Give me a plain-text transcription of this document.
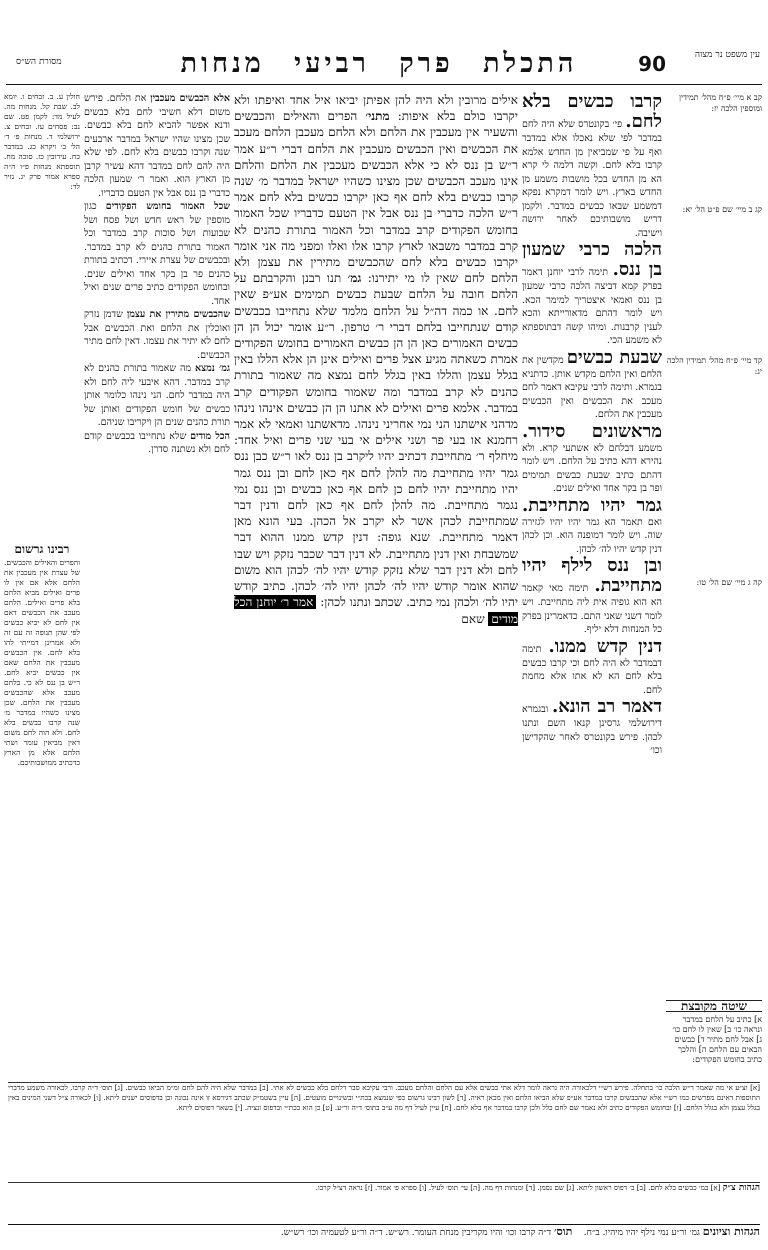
עין משפט נר מצוה
90
התכלת פרק רביעי מנחות
מסורת הש״ס
קב א מיי׳ פ״ח מהל׳ תמידין ומוספין הלכה יז:
קג ב מיי׳ שם פ״ט הל׳ יא:
קד מיי׳ פ״ח מהל׳ תמידין הלכה יג:
קה ג מיי׳ שם הל׳ טו:
קרבו כבשים בלא לחם. פי׳ בקונטרס שלא היה לחם במדבר לפי שלא נאכלו אלא במדבר ואף על פי שמביאין מן החדש אלמא קרבו בלא לחם. וקשה דלמה לי קרא הא מן החדש בכל מושבות משמע מן החדש בארץ. ויש לומר דמקרא נפקא דמשמע שבאו כבשים במדבר. ולקמן דריש מושבותיכם לאחר ירושה וישיבה.
הלכה כרבי שמעון בן ננס. תימה לרבי יוחנן דאמר בפרק קמא דביצה הלכה כרבי שמעון בן ננס ואמאי איצטריך למימר הכא. ויש לומר דהתם מדאורייתא והכא לענין קרבנות. ומיהו קשה דבתוספתא לא משמע הכי.
שבעת כבשים מקדשין את הלחם ואין הלחם מקדש אותן. כדתניא בגמרא. ותימה לרבי עקיבא דאמר לחם מעכב את הכבשים ואין הכבשים מעכבין את הלחם.
מראשונים סידור. משמע דבלחם לא אשתעי קרא. ולא נהירא דהא כתיב על הלחם. ויש לומר דהתם כתיב שבעת כבשים תמימים ופר בן בקר אחד ואילים שנים.
גמר יהיו מתחייבת. ואם תאמר הא גמר יהיו יהיו לגזירה שוה. ויש לומר דמופנה הוא. וכן לכהן דנין קדש יהיו לה׳ לכהן.
ובן ננס לילף יהיו מתחייבת. תימה מאי קאמר הא הוא גופיה אית ליה מתחייבת. ויש לומר דשני שאני התם. כדאמרינן בפרק כל המנחות דלא יליף.
דנין קדש ממנו. תימה דבמדבר לא היה לחם וכי קרבו כבשים בלא לחם הא לא אתו אלא מחמת לחם.
דאמר רב הונא. ובגמרא דירושלמי גרסינן קנאו השם ונתנו לכהן. פירש בקונטרס לאחר שהקדישן וכו׳
אילים מרובין ולא היה להן אפיתן יביאו איל אחד ואיפתו ולא יקרבו כולם בלא איפות: מתני׳ הפרים והאילים והכבשים והשעיר אין מעכבין את הלחם ולא הלחם מעכבן הלחם מעכב את הכבשים ואין הכבשים מעכבין את הלחם דברי ר״ע אמר ר״ש בן ננס לא כי אלא הכבשים מעכבין את הלחם והלחם אינו מעכב הכבשים שכן מצינו כשהיו ישראל במדבר מ׳ שנה קרבו כבשים בלא לחם אף כאן יקרבו כבשים בלא לחם אמר ר״ש הלכה כדברי בן ננס אבל אין הטעם כדבריו שכל האמור בחומש הפקודים קרב במדבר וכל האמור בתורת כהנים לא קרב במדבר משבאו לארץ קרבו אלו ואלו ומפני מה אני אומר יקרבו כבשים בלא לחם שהכבשים מתירין את עצמן ולא הלחם לחם שאין לו מי יתירנו: גמ׳ תנו רבנן והקרבתם על הלחם חובה על הלחם שבעת כבשים תמימים אע״פ שאין לחם. או כמה דה״ל על הלחם מלמד שלא נתחייבו בכבשים קודם שנתחייבו בלחם דברי ר׳ טרפון. ר״ע אומר יכול הן הן כבשים האמורים כאן הן הן כבשים האמורים בחומש הפקודים אמרת כשאתה מגיע אצל פרים ואילים אינן הן אלא הללו באין בגלל עצמן והללו באין בגלל לחם נמצא מה שאמור בתורת כהנים לא קרב במדבר ומה שאמור בחומש הפקודים קרב במדבר. אלמא פרים ואילים לא אתנו הן הן כבשים אינהו נינהו מדהני אישתנו הני נמי אחריני נינהו. מדאשתנו ואמאי לא אמר רחמנא או בעי פר ושני אילים אי בעי שני פרים ואיל אחד: מיחלף ר׳ מתחייבת דכתיב יהיו ליקרב בן ננס לאו ר״ש כבן ננס גמר יהיו מתחייבת מה להלן לחם אף כאן לחם ובן ננס גמר יהיו מתחייבת יהיו לחם כן לחם אף כאן כבשים ובן ננס נמי נגמר מתחייבת. מה להלן לחם אף כאן לחם ודנין דבר שמתחייבת לכהן אשר לא יקרב אל הכהן. בעי הונא מאן דאמר מתחייבת. שנא גופה: דנין קדש ממנו ההוא דבר שמשבחת ואין דנין מתחייבת. לא דנין דבר שכבר נזקק ויש שבו לחם ולא דנין דבר שלא נזקק קודש יהיו לה׳ לכהן הוא משום שהוא אומר קודש יהיו לה׳ לכהן יהיו לה׳ לכהן. כתיב קודש יהיו לה׳ ולכהן נמי כתיב. שכתב ונתנו לכהן: אמר ר׳ יוחנן הכל מודים שאם
אלא הכבשים מעכבין את הלחם. פירש משום דלא חשיבי לחם בלא כבשים ודנא אפשר להביא לחם בלא כבשים. שכן מצינו שהיו ישראל במדבר ארבעים שנה וקרבו כבשים בלא לחם. לפי שלא היה להם לחם במדבר דהא עשיר קרבן מן הארץ הוא. ואמר ר׳ שמעון הלכה כדברי בן ננס אבל אין הטעם כדבריו.
שכל האמור בחומש הפקודים כגון מוספין של ראש חדש ושל פסח ושל שבועות ושל סוכות קרב במדבר וכל האמור בתורת כהנים לא קרב במדבר. ובכבשים של עצרת איירי. דכתיב בתורת כהנים פר בן בקר אחד ואילים שנים. ובחומש הפקודים כתיב פרים שנים ואיל אחד.
שהכבשים מתירין את עצמן שדמן נזרק ואוכלין את הלחם ואת הכבשים אבל לחם לא יתיר את עצמו. דאין לחם מתיר הכבשים.
גמ׳ נמצא מה שאמור בתורת כהנים לא קרב במדבר. דהא איבעי ליה לחם ולא היה במדבר לחם. הני נינהו כלומר אותן כבשים של חומש הפקודים ואותן של תורת כהנים שנים הן ויקריבו שניהם.
הכל מודים שלא נתחייבו בכבשים קודם לחם ולא נשתנה סדרן.
חולין ע. ב. זבחים ו. יומא לב. שבת קל. מנחות מה. לעיל מד: לקמן פט. שם נב: פסחים עז. זבחים צ. ירושלמי ד. מנחות פ׳ ד׳ הל׳ ב׳ ויקרא כג. במדבר כח. עירובין כז. סוכה מח. תוספתא מנחות פ״ו ה״ה ספרא אמור פרק יג. נזיר לד:
רבינו גרשום
והפרים והאילים והכבשים. של עצרת אין מעכבין את הלחם אלא אם אין לו פרים ואילים מביא הלחם בלא פרים ואילים. הלחם מעכב את הכבשים דאם אין לחם לא יביא כבשים לפי שהן תנופה זה עם זה ולא אמרינן דמייתי להו בלא לחם. אין הכבשים מעכבין את הלחם שאם אין כבשים יביא לחם. ר״ש בן ננס לא כי. בלחם מעכב אלא שהכבשים מעכבין את הלחם. שכן מצינו כשהיו במדבר מ׳ שנה קרבו כבשים בלא לחם. ולא הוה לחם משום דאין מביאין עומר ושתי הלחם אלא מן הארץ כדכתיב ממושבותיכם.
שיטה מקובצת
א] כתיב על הלחם במדבר ונראה כו׳ ב] שאין לו לחם כו׳ ג] אבל לחם מתיר ד] כבשים הבאים עם הלחם ה] והלכך כתיב בחומש הפקודים:
[א] וצ״ע אי מה שאמר ר״ש הלכה כו׳ בתחלה. פירש רש״י דלכאורה היה נראה לומר דלא אתי כבשים אלא עם הלחם והלחם מעכב. ורבי עקיבא סבר דלחם בלא כבשים לא אתי. [ב] במדבר שלא היה להם לחם ומ״מ הביאו כבשים. [ג] תוס׳ ד״ה קרבו. לכאורה משמע מדברי התוספות דאינם מפרשים כמו רש״י אלא שהכבשים קרבו במדבר אע״פ שלא הביאו הלחם ואין מכאן ראיה. [ד] לשון רבינו גרשום כפי שנמצא בכת״י ובשינויים מועטים. [ה] עיין בשטמ״ק שכתב דגירסא זו אינה נכונה וכן בדפוסים ישנים ליתא. [ו] לכאורה צ״ל דשני המינים באין בגלל עצמן ולא בגלל הלחם. [ז] ובחומש הפקודים כתיב ולא נאמר שם לחם כלל ולכן קרבו במדבר אף בלא לחם. [ח] עיין לעיל דף מה ע״ב בתוס׳ ד״ה ור״ע. [ט] כן הוא בכת״י ובדפוס ונציה. [י] בשאר דפוסים ליתא.
הגהות צ״ק [א] במ׳ כבשים בלא לחם. [ב] ב׳ דפוס ראשון ליתא. [ג] שם נסמן. [ד] ומנחות דף מה. [ה] עי׳ תוס׳ לעיל. [ו] ספרא פ׳ אמור. [ז] נראה דצ״ל קרבו.
הגהות וציונים גמ׳ ור״ע נמי נילף יהיו מיהיו. ב״ח.    תוס׳ ד״ה קרבו וכו׳ והיו מקריבין מנחת העומר. רש״ש. ד״ה ור״ע לטעמיה וכו׳ רש״ש.
